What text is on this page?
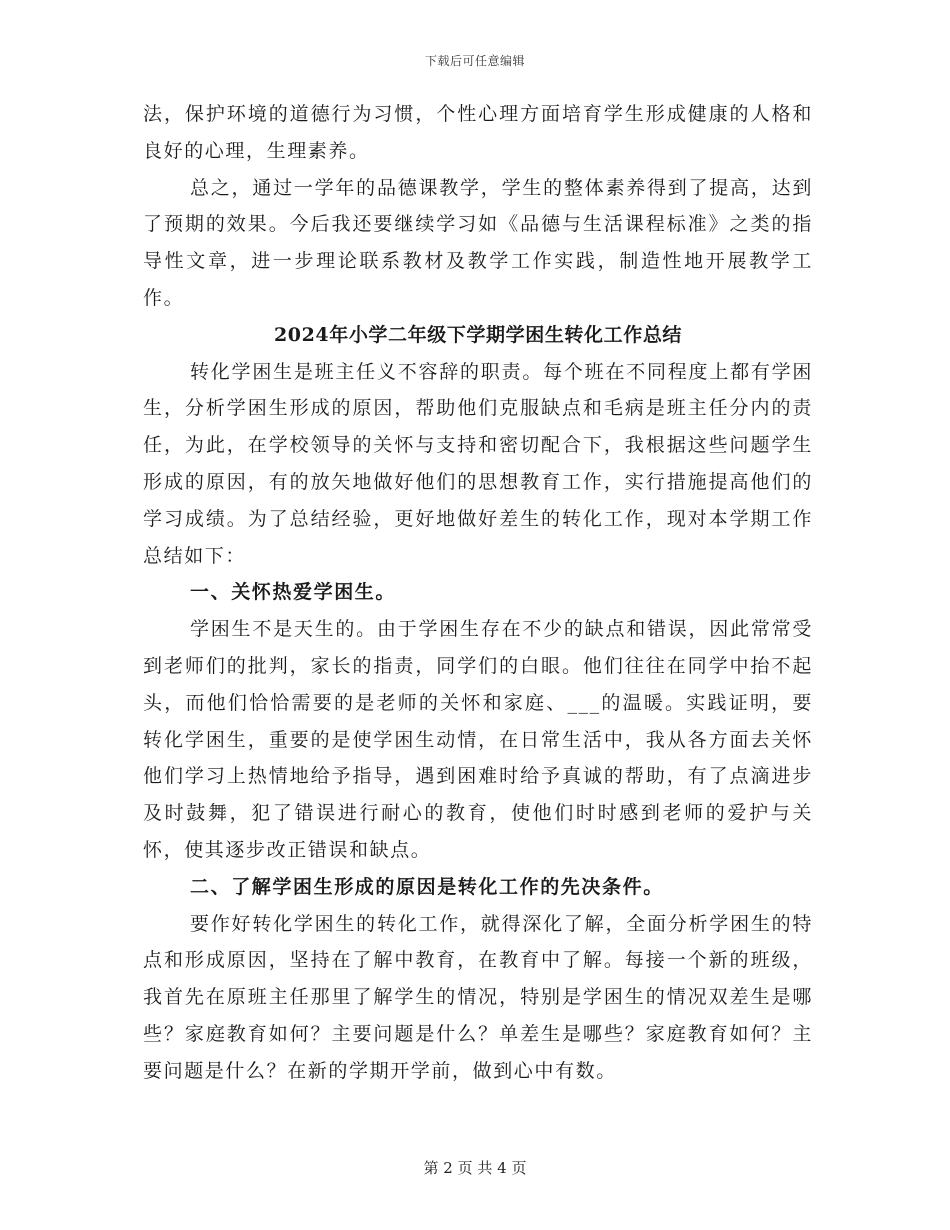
下载后可任意编辑

法，保护环境的道德行为习惯，个性心理方面培育学生形成健康的人格和良好的心理，生理素养。

总之，通过一学年的品德课教学，学生的整体素养得到了提高，达到了预期的效果。今后我还要继续学习如《品德与生活课程标准》之类的指导性文章，进一步理论联系教材及教学工作实践，制造性地开展教学工作。

2024年小学二年级下学期学困生转化工作总结

转化学困生是班主任义不容辞的职责。每个班在不同程度上都有学困生，分析学困生形成的原因，帮助他们克服缺点和毛病是班主任分内的责任，为此，在学校领导的关怀与支持和密切配合下，我根据这些问题学生形成的原因，有的放矢地做好他们的思想教育工作，实行措施提高他们的学习成绩。为了总结经验，更好地做好差生的转化工作，现对本学期工作总结如下：

一、关怀热爱学困生。

学困生不是天生的。由于学困生存在不少的缺点和错误，因此常常受到老师们的批判，家长的指责，同学们的白眼。他们往往在同学中抬不起头，而他们恰恰需要的是老师的关怀和家庭、___的温暖。实践证明，要转化学困生，重要的是使学困生动情，在日常生活中，我从各方面去关怀他们学习上热情地给予指导，遇到困难时给予真诚的帮助，有了点滴进步及时鼓舞，犯了错误进行耐心的教育，使他们时时感到老师的爱护与关怀，使其逐步改正错误和缺点。

二、了解学困生形成的原因是转化工作的先决条件。

要作好转化学困生的转化工作，就得深化了解，全面分析学困生的特点和形成原因，坚持在了解中教育，在教育中了解。每接一个新的班级，我首先在原班主任那里了解学生的情况，特别是学困生的情况双差生是哪些？家庭教育如何？主要问题是什么？单差生是哪些？家庭教育如何？主要问题是什么？在新的学期开学前，做到心中有数。

第 2 页 共 4 页
